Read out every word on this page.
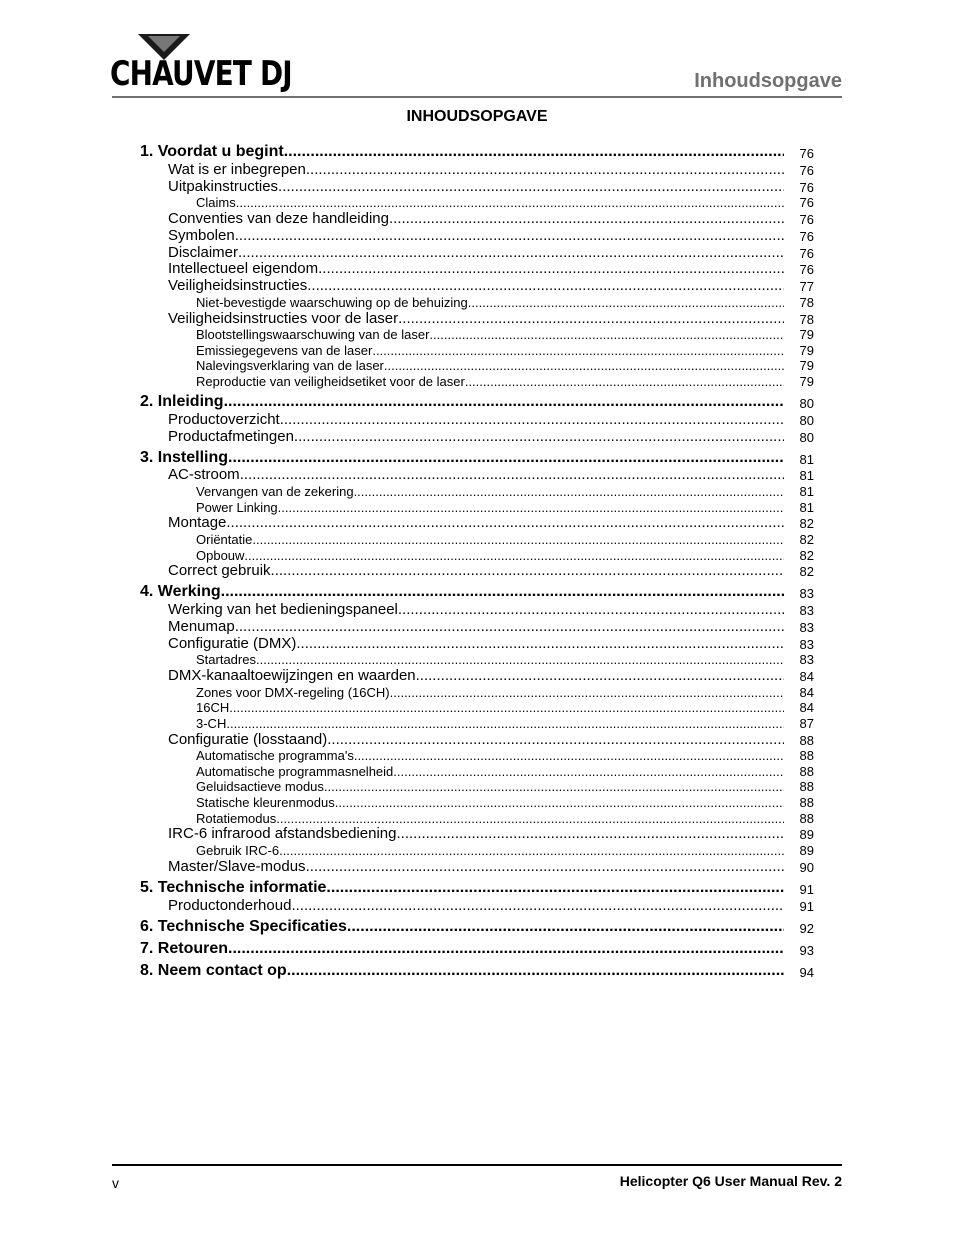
CHAUVET DJ	Inhoudsopgave
INHOUDSOPGAVE
1. Voordat u begint .....	76
Wat is er inbegrepen .....	76
Uitpakinstructies .....	76
Claims .....	76
Conventies van deze handleiding .....	76
Symbolen .....	76
Disclaimer .....	76
Intellectueel eigendom .....	76
Veiligheidsinstructies .....	77
Niet-bevestigde waarschuwing op de behuizing .....	78
Veiligheidsinstructies voor de laser .....	78
Blootstellingswaarschuwing van de laser .....	79
Emissiegegevens van de laser .....	79
Nalevingsverklaring van de laser .....	79
Reproductie van veiligheidsetiket voor de laser .....	79
2. Inleiding .....	80
Productoverzicht .....	80
Productafmetingen .....	80
3. Instelling .....	81
AC-stroom .....	81
Vervangen van de zekering .....	81
Power Linking .....	81
Montage .....	82
Oriëntatie .....	82
Opbouw .....	82
Correct gebruik .....	82
4. Werking .....	83
Werking van het bedieningspaneel .....	83
Menumap .....	83
Configuratie (DMX) .....	83
Startadres .....	83
DMX-kanaaltoewijzingen en waarden .....	84
Zones voor DMX-regeling (16CH) .....	84
16CH .....	84
3-CH .....	87
Configuratie (losstaand) .....	88
Automatische programma's .....	88
Automatische programmasnelheid .....	88
Geluidsactieve modus .....	88
Statische kleurenmodus .....	88
Rotatiemodus .....	88
IRC-6 infrarood afstandsbediening .....	89
Gebruik IRC-6 .....	89
Master/Slave-modus .....	90
5. Technische informatie .....	91
Productonderhoud .....	91
6. Technische Specificaties .....	92
7. Retouren .....	93
8. Neem contact op .....	94
v	Helicopter Q6 User Manual Rev. 2
